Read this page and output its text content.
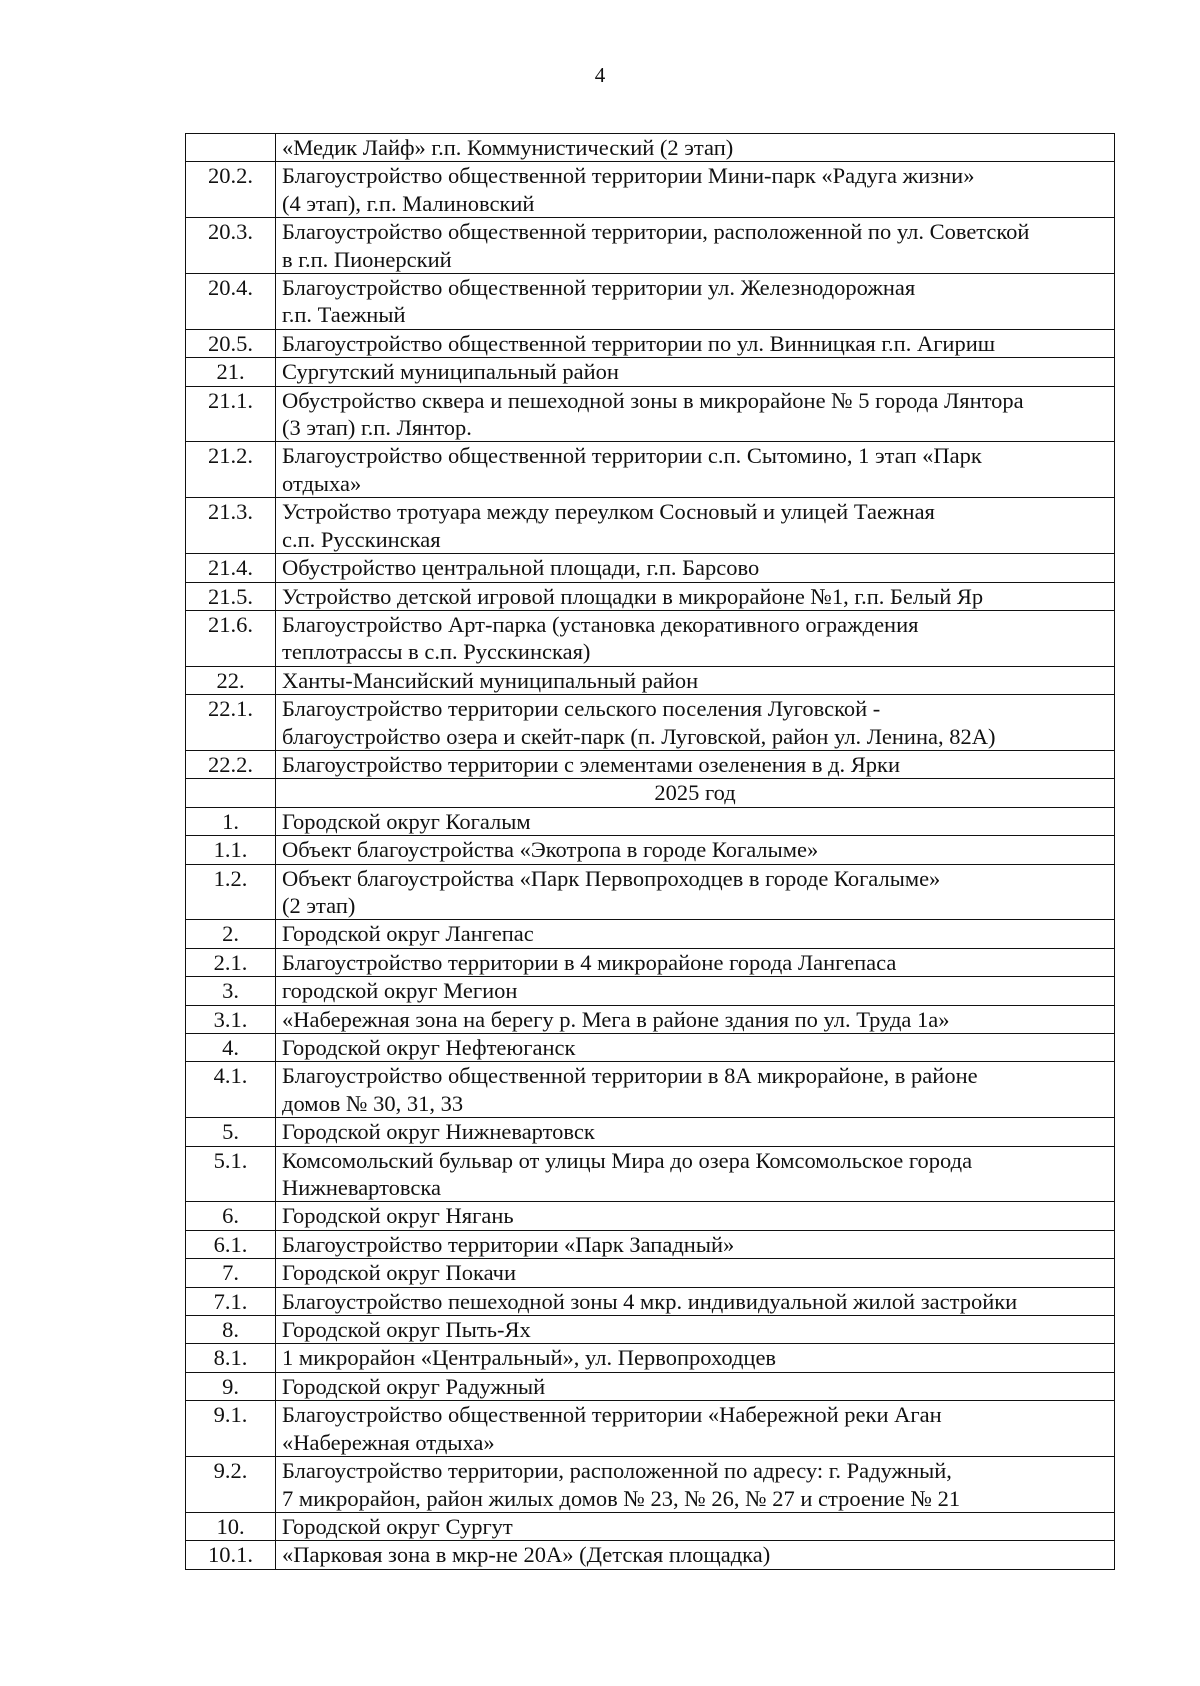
4
	«Медик Лайф» г.п. Коммунистический (2 этап)
20.2.	Благоустройство общественной территории Мини-парк «Радуга жизни»
(4 этап), г.п. Малиновский
20.3.	Благоустройство общественной территории, расположенной по ул. Советской
в г.п. Пионерский
20.4.	Благоустройство общественной территории ул. Железнодорожная
г.п. Таежный
20.5.	Благоустройство общественной территории по ул. Винницкая г.п. Агириш
21.	Сургутский муниципальный район
21.1.	Обустройство сквера и пешеходной зоны в микрорайоне № 5 города Лянтора
(3 этап) г.п. Лянтор.
21.2.	Благоустройство общественной территории с.п. Сытомино, 1 этап «Парк
отдыха»
21.3.	Устройство тротуара между переулком Сосновый и улицей Таежная
с.п. Русскинская
21.4.	Обустройство центральной площади, г.п. Барсово
21.5.	Устройство детской игровой площадки в микрорайоне №1, г.п. Белый Яр
21.6.	Благоустройство Арт-парка (установка декоративного ограждения
теплотрассы в с.п. Русскинская)
22.	Ханты-Мансийский муниципальный район
22.1.	Благоустройство территории сельского поселения Луговской -
благоустройство озера и скейт-парк (п. Луговской, район ул. Ленина, 82А)
22.2.	Благоустройство территории с элементами озеленения в д. Ярки
	2025 год
1.	Городской округ Когалым
1.1.	Объект благоустройства «Экотропа в городе Когалыме»
1.2.	Объект благоустройства «Парк Первопроходцев в городе Когалыме»
(2 этап)
2.	Городской округ Лангепас
2.1.	Благоустройство территории в 4 микрорайоне города Лангепаса
3.	городской округ Мегион
3.1.	«Набережная зона на берегу р. Мега в районе здания по ул. Труда 1а»
4.	Городской округ Нефтеюганск
4.1.	Благоустройство общественной территории в 8А микрорайоне, в районе
домов № 30, 31, 33
5.	Городской округ Нижневартовск
5.1.	Комсомольский бульвар от улицы Мира до озера Комсомольское города
Нижневартовска
6.	Городской округ Нягань
6.1.	Благоустройство территории «Парк Западный»
7.	Городской округ Покачи
7.1.	Благоустройство пешеходной зоны 4 мкр. индивидуальной жилой застройки
8.	Городской округ Пыть-Ях
8.1.	1 микрорайон «Центральный», ул. Первопроходцев
9.	Городской округ Радужный
9.1.	Благоустройство общественной территории «Набережной реки Аган
«Набережная отдыха»
9.2.	Благоустройство территории, расположенной по адресу: г. Радужный,
7 микрорайон, район жилых домов № 23, № 26, № 27 и строение № 21
10.	Городской округ Сургут
10.1.	«Парковая зона в мкр-не 20А» (Детская площадка)
